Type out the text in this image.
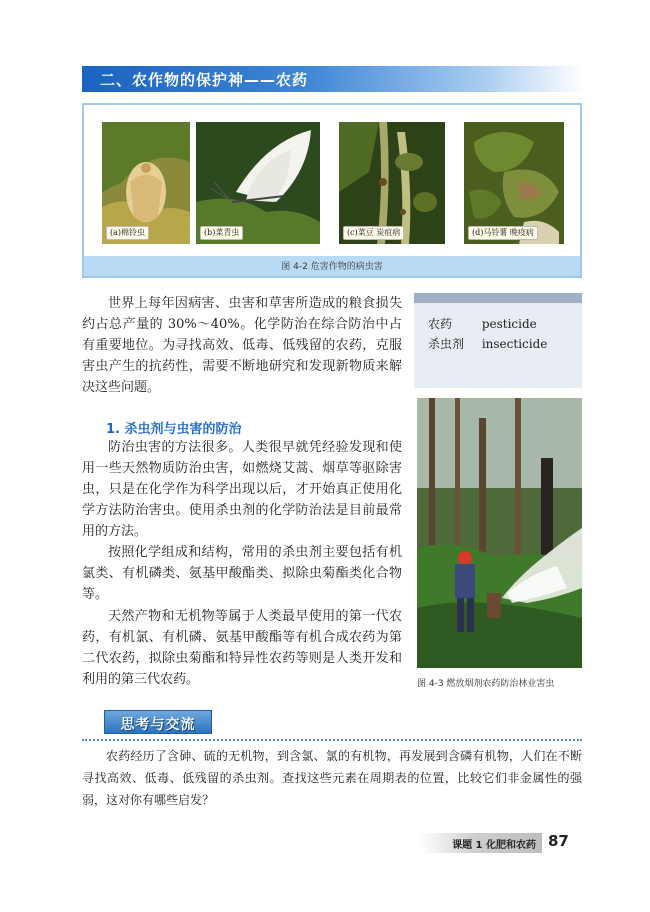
二、农作物的保护神——农药
(a)棉铃虫	(b)菜青虫	(c)菜豆 炭疽病	(d)马铃薯 晚疫病
图 4-2 危害作物的病虫害
世界上每年因病害、虫害和草害所造成的粮食损失约占总产量的 30%～40%。化学防治在综合防治中占有重要地位。为寻找高效、低毒、低残留的农药，克服害虫产生的抗药性，需要不断地研究和发现新物质来解决这些问题。
农药 pesticide
杀虫剂 insecticide
1. 杀虫剂与虫害的防治
防治虫害的方法很多。人类很早就凭经验发现和使用一些天然物质防治虫害，如燃烧艾蒿、烟草等驱除害虫，只是在化学作为科学出现以后，才开始真正使用化学方法防治害虫。使用杀虫剂的化学防治法是目前最常用的方法。
按照化学组成和结构，常用的杀虫剂主要包括有机氯类、有机磷类、氨基甲酸酯类、拟除虫菊酯类化合物等。
天然产物和无机物等属于人类最早使用的第一代农药，有机氯、有机磷、氨基甲酸酯等有机合成农药为第二代农药，拟除虫菊酯和特异性农药等则是人类开发和利用的第三代农药。	图 4-3 燃放烟剂农药防治林业害虫
思考与交流
农药经历了含砷、硫的无机物，到含氯、氯的有机物，再发展到含磷有机物，人们在不断寻找高效、低毒、低残留的杀虫剂。查找这些元素在周期表的位置，比较它们非金属性的强弱，这对你有哪些启发？
课题 1 化肥和农药 87
